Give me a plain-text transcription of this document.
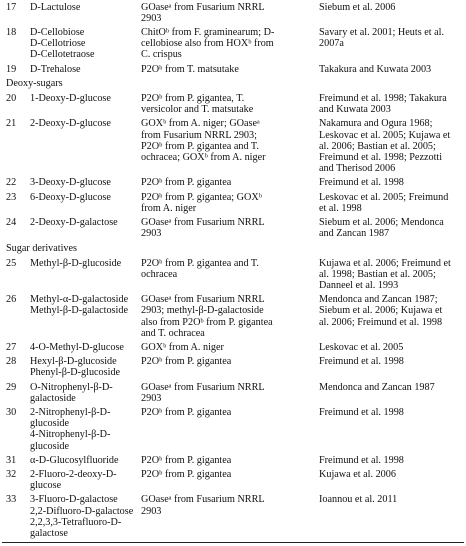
17	D-Lactulose	GOaseᵃ from Fusarium NRRL
2903	Siebum et al. 2006

18	D-Cellobiose
D-Cellotriose
D-Cellotetraose	ChitOᵇ from F. graminearum; D-
cellobiose also from HOXᵇ from
C. crispus	Savary et al. 2001; Heuts et al.
2007a

19	D-Trehalose	P2Oᵇ from T. matsutake	Takakura and Kuwata 2003

Deoxy-sugars			
20	1-Deoxy-D-glucose	P2Oᵇ from P. gigantea, T.
versicolor and T. matsutake	Freimund et al. 1998; Takakura
and Kuwata 2003

21	2-Deoxy-D-glucose	GOXᵇ from A. niger; GOaseᵃ
from Fusarium NRRL 2903;
P2Oᵇ from P. gigantea and T.
ochracea; GOXᵇ from A. niger	Nakamura and Ogura 1968;
Leskovac et al. 2005; Kujawa et
al. 2006; Bastian et al. 2005;
Freimund et al. 1998; Pezzotti
and Therisod 2006

22	3-Deoxy-D-glucose	P2Oᵇ from P. gigantea	Freimund et al. 1998

23	6-Deoxy-D-glucose	P2Oᵇ from P. gigantea; GOXᵇ
from A. niger	Leskovac et al. 2005; Freimund
et al. 1998

24	2-Deoxy-D-galactose	GOaseᵃ from Fusarium NRRL
2903	Siebum et al. 2006; Mendonca
and Zancan 1987

Sugar derivatives			
25	Methyl-β-D-glucoside	P2Oᵇ from P. gigantea and T.
ochracea	Kujawa et al. 2006; Freimund et
al. 1998; Bastian et al. 2005;
Danneel et al. 1993

26	Methyl-α-D-galactoside
Methyl-β-D-galactoside	GOaseᵃ from Fusarium NRRL
2903; methyl-β-D-galactoside
also from P2Oᵇ from P. gigantea
and T. ochracea	Mendonca and Zancan 1987;
Siebum et al. 2006; Kujawa et
al. 2006; Freimund et al. 1998

27	4-O-Methyl-D-glucose	GOXᵇ from A. niger	Leskovac et al. 2005

28	Hexyl-β-D-glucoside
Phenyl-β-D-glucoside	P2Oᵇ from P. gigantea	Freimund et al. 1998

29	O-Nitrophenyl-β-D-
galactoside	GOaseᵃ from Fusarium NRRL
2903	Mendonca and Zancan 1987

30	2-Nitrophenyl-β-D-
glucoside
4-Nitrophenyl-β-D-
glucoside	P2Oᵇ from P. gigantea	Freimund et al. 1998

31	α-D-Glucosylfluoride	P2Oᵇ from P. gigantea	Freimund et al. 1998

32	2-Fluoro-2-deoxy-D-
glucose	P2Oᵇ from P. gigantea	Kujawa et al. 2006

33	3-Fluoro-D-galactose
2,2-Difluoro-D-galactose
2,2,3,3-Tetrafluoro-D-
galactose	GOaseᵃ from Fusarium NRRL
2903	Ioannou et al. 2011
